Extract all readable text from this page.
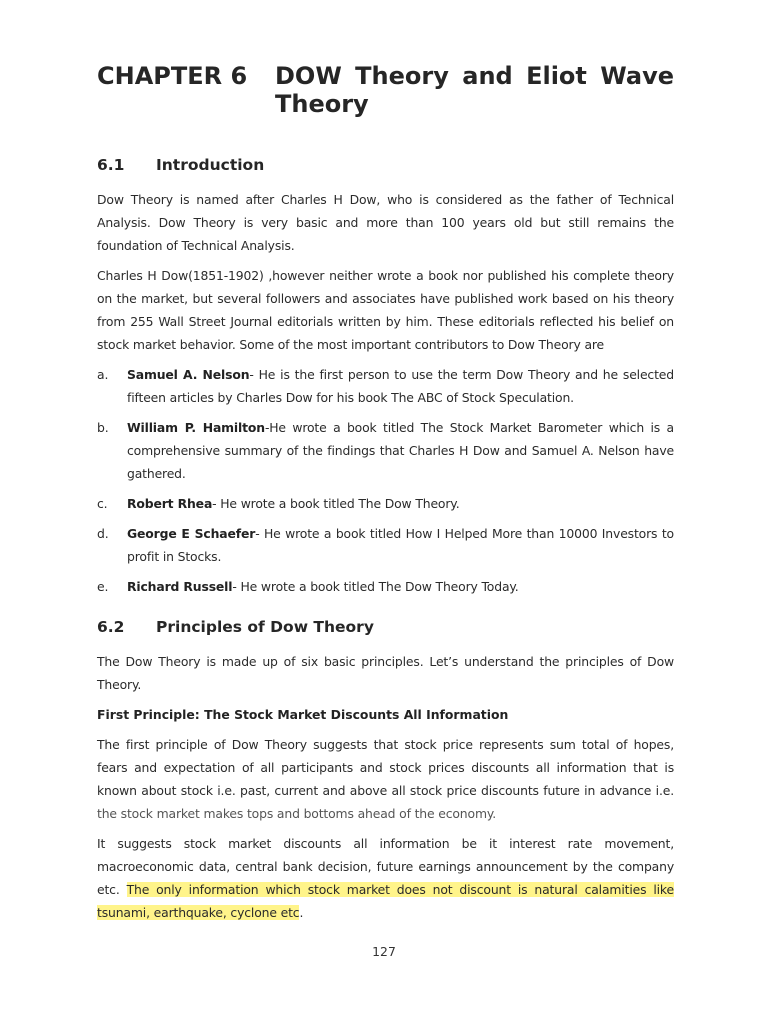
CHAPTER 6	DOW Theory and Eliot Wave Theory
6.1	Introduction

Dow Theory is named after Charles H Dow, who is considered as the father of Technical Analysis. Dow Theory is very basic and more than 100 years old but still remains the foundation of Technical Analysis.

Charles H Dow(1851-1902) ,however neither wrote a book nor published his complete theory on the market, but several followers and associates have published work based on his theory from 255 Wall Street Journal editorials written by him. These editorials reflected his belief on stock market behavior. Some of the most important contributors to Dow Theory are

a.	Samuel A. Nelson- He is the first person to use the term Dow Theory and he selected fifteen articles by Charles Dow for his book The ABC of Stock Speculation.
b.	William P. Hamilton-He wrote a book titled The Stock Market Barometer which is a comprehensive summary of the findings that Charles H Dow and Samuel A. Nelson have gathered.
c.	Robert Rhea- He wrote a book titled The Dow Theory.
d.	George E Schaefer- He wrote a book titled How I Helped More than 10000 Investors to profit in Stocks.
e.	Richard Russell- He wrote a book titled The Dow Theory Today.
6.2	Principles of Dow Theory

The Dow Theory is made up of six basic principles. Let’s understand the principles of Dow Theory.

First Principle: The Stock Market Discounts All Information

The first principle of Dow Theory suggests that stock price represents sum total of hopes, fears and expectation of all participants and stock prices discounts all information that is known about stock i.e. past, current and above all stock price discounts future in advance i.e. the stock market makes tops and bottoms ahead of the economy.

It suggests stock market discounts all information be it interest rate movement, macroeconomic data, central bank decision, future earnings announcement by the company etc. The only information which stock market does not discount is natural calamities like tsunami, earthquake, cyclone etc.

127
